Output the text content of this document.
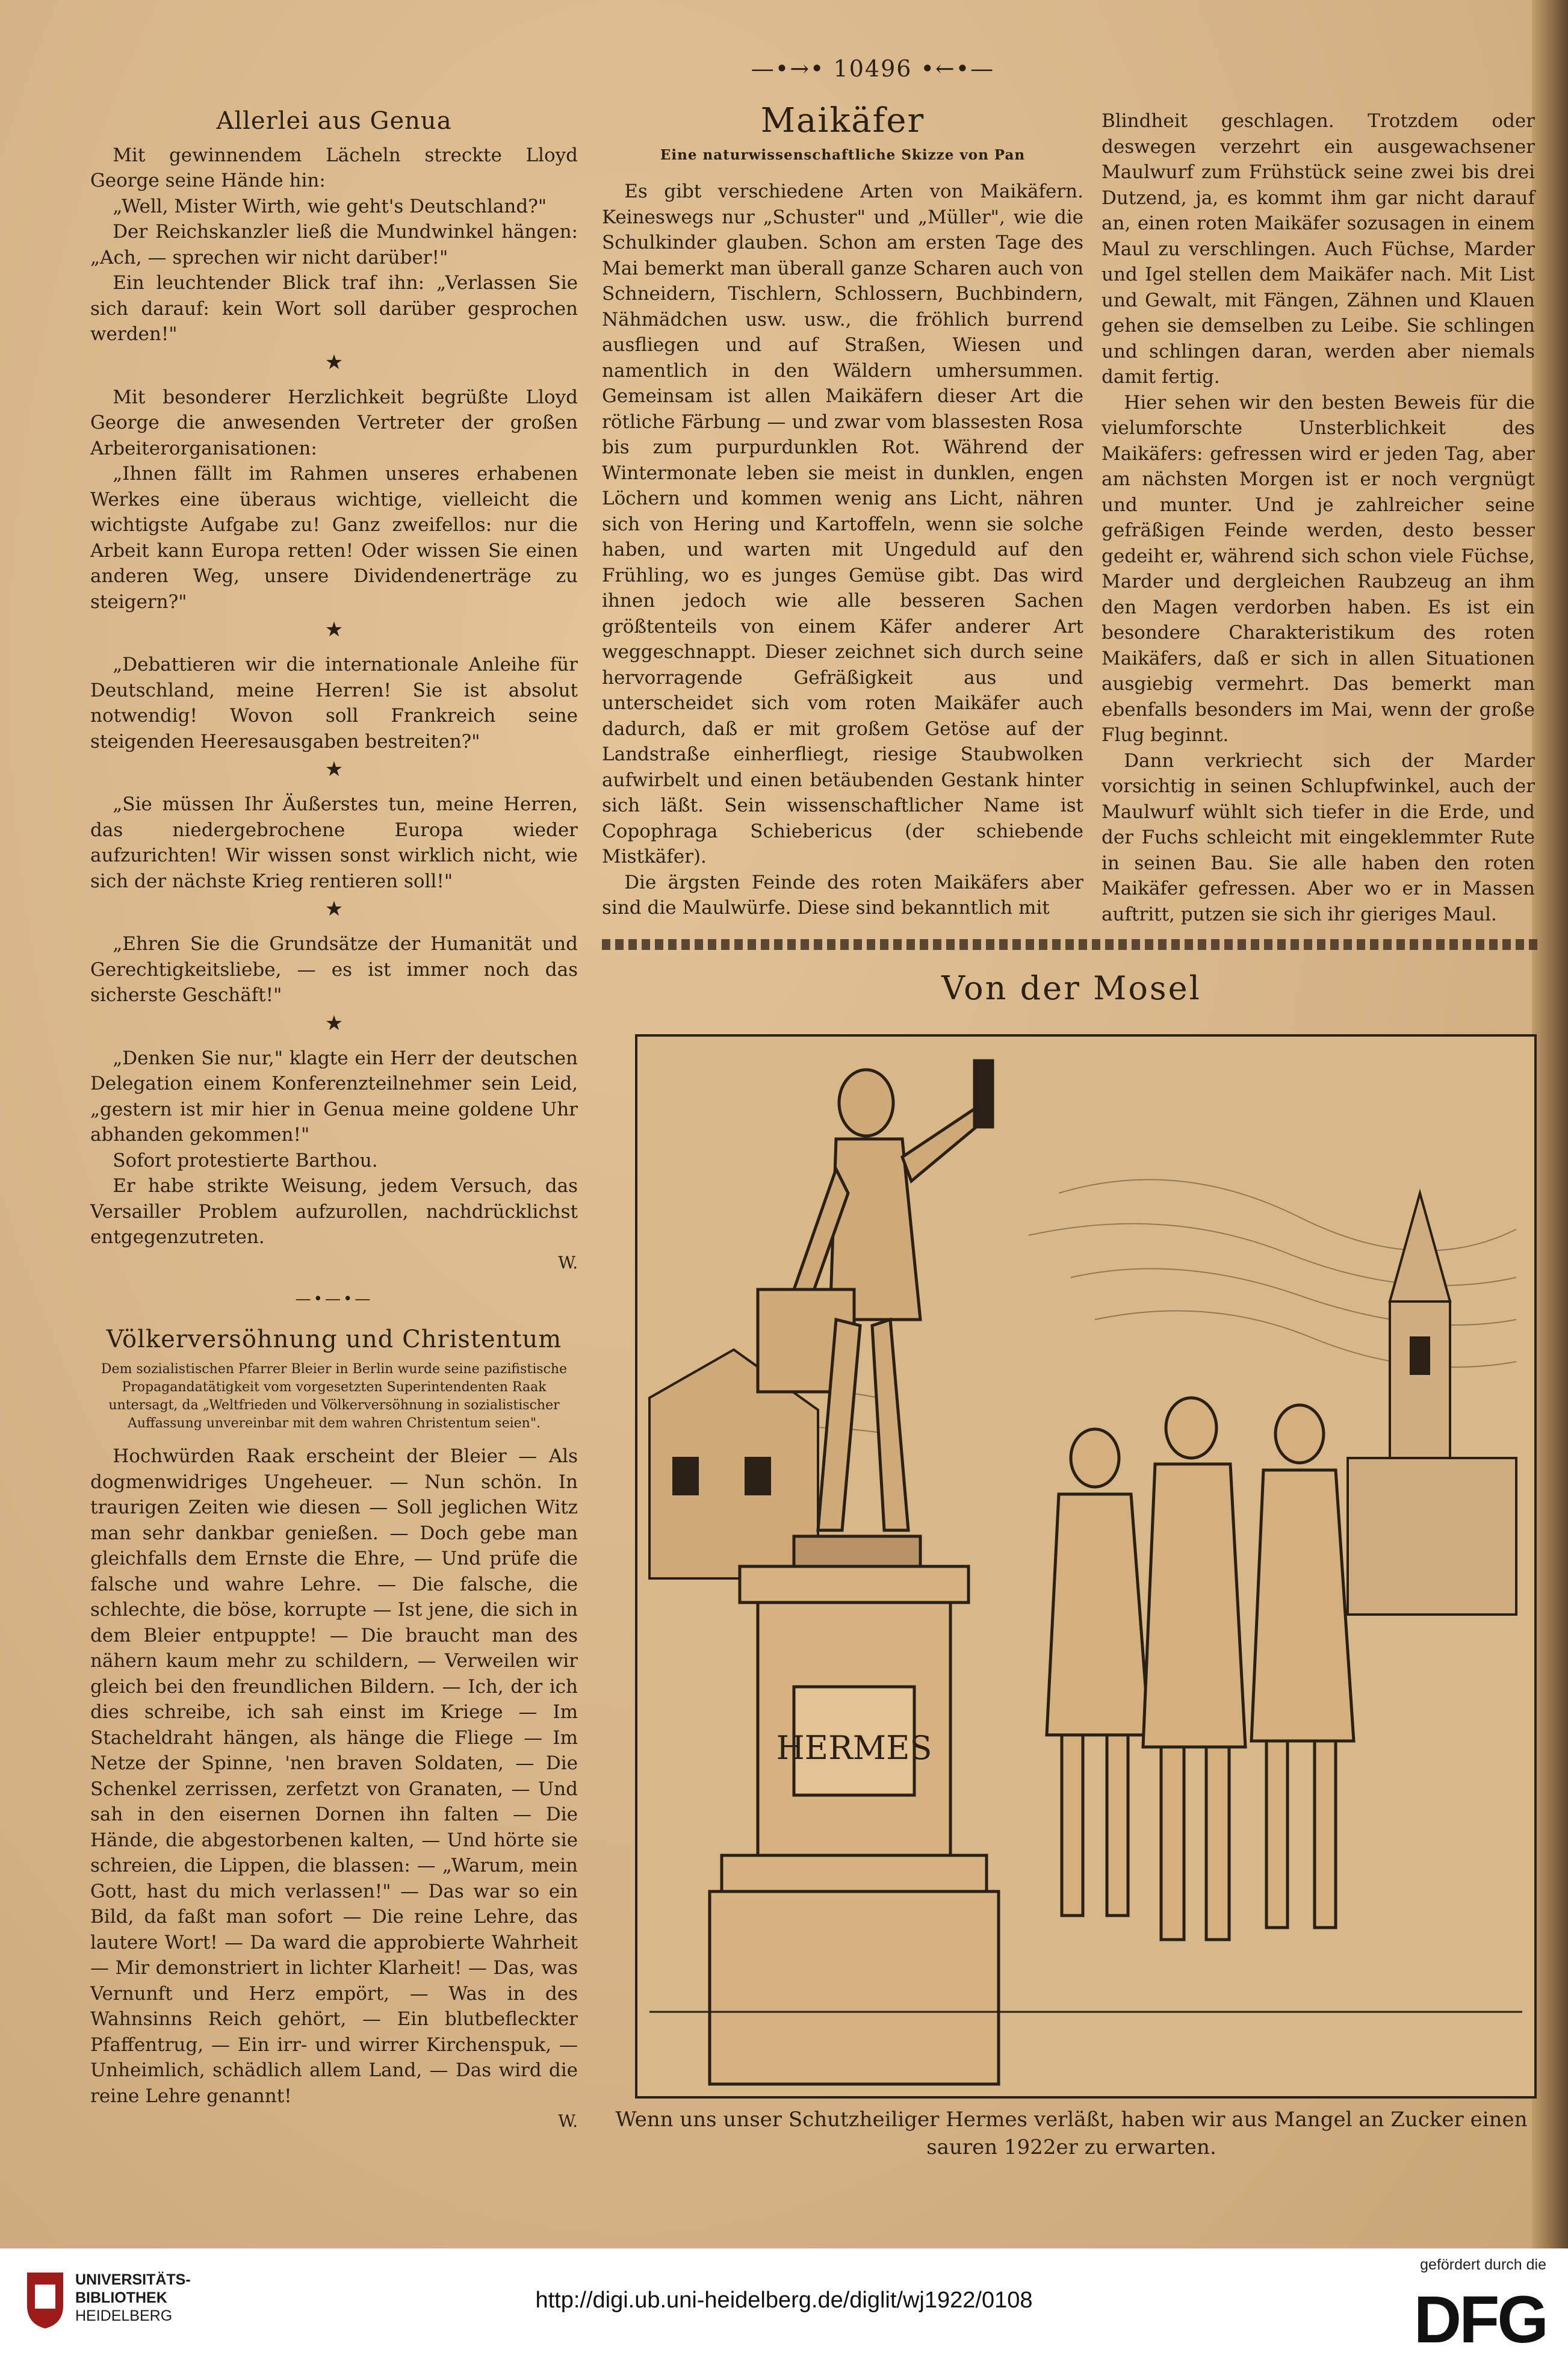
—•→• 10496 •←•—
Allerlei aus Genua

Mit gewinnendem Lächeln streckte Lloyd George seine Hände hin:

„Well, Mister Wirth, wie geht's Deutschland?"

Der Reichskanzler ließ die Mundwinkel hängen: „Ach, — sprechen wir nicht darüber!"

Ein leuchtender Blick traf ihn: „Verlassen Sie sich darauf: kein Wort soll darüber gesprochen werden!"

★

Mit besonderer Herzlichkeit begrüßte Lloyd George die anwesenden Vertreter der großen Arbeiterorganisationen:

„Ihnen fällt im Rahmen unseres erhabenen Werkes eine überaus wichtige, vielleicht die wichtigste Aufgabe zu! Ganz zweifellos: nur die Arbeit kann Europa retten! Oder wissen Sie einen anderen Weg, unsere Dividendenerträge zu steigern?"

★

„Debattieren wir die internationale Anleihe für Deutschland, meine Herren! Sie ist absolut notwendig! Wovon soll Frankreich seine steigenden Heeresausgaben bestreiten?"

★

„Sie müssen Ihr Äußerstes tun, meine Herren, das niedergebrochene Europa wieder aufzurichten! Wir wissen sonst wirklich nicht, wie sich der nächste Krieg rentieren soll!"

★

„Ehren Sie die Grundsätze der Humanität und Gerechtigkeitsliebe, — es ist immer noch das sicherste Geschäft!"

★

„Denken Sie nur," klagte ein Herr der deutschen Delegation einem Konferenzteilnehmer sein Leid, „gestern ist mir hier in Genua meine goldene Uhr abhanden gekommen!"

Sofort protestierte Barthou.

Er habe strikte Weisung, jedem Versuch, das Versailler Problem aufzurollen, nachdrücklichst entgegenzutreten.

W.
—•—•—
Völkerversöhnung und Christentum
Dem sozialistischen Pfarrer Bleier in Berlin wurde seine pazifistische Propagandatätigkeit vom vorgesetzten Superintendenten Raak untersagt, da „Weltfrieden und Völkerversöhnung in sozialistischer Auffassung unvereinbar mit dem wahren Christentum seien".

Hochwürden Raak erscheint der Bleier — Als dogmenwidriges Ungeheuer. — Nun schön. In traurigen Zeiten wie diesen — Soll jeglichen Witz man sehr dankbar genießen. — Doch gebe man gleichfalls dem Ernste die Ehre, — Und prüfe die falsche und wahre Lehre. — Die falsche, die schlechte, die böse, korrupte — Ist jene, die sich in dem Bleier entpuppte! — Die braucht man des nähern kaum mehr zu schildern, — Verweilen wir gleich bei den freundlichen Bildern. — Ich, der ich dies schreibe, ich sah einst im Kriege — Im Stacheldraht hängen, als hänge die Fliege — Im Netze der Spinne, 'nen braven Soldaten, — Die Schenkel zerrissen, zerfetzt von Granaten, — Und sah in den eisernen Dornen ihn falten — Die Hände, die abgestorbenen kalten, — Und hörte sie schreien, die Lippen, die blassen: — „Warum, mein Gott, hast du mich verlassen!" — Das war so ein Bild, da faßt man sofort — Die reine Lehre, das lautere Wort! — Da ward die approbierte Wahrheit — Mir demonstriert in lichter Klarheit! — Das, was Vernunft und Herz empört, — Was in des Wahnsinns Reich gehört, — Ein blutbefleckter Pfaffentrug, — Ein irr- und wirrer Kirchenspuk, — Unheimlich, schädlich allem Land, — Das wird die reine Lehre genannt!

W.
Maikäfer
Eine naturwissenschaftliche Skizze von Pan

Es gibt verschiedene Arten von Maikäfern. Keineswegs nur „Schuster" und „Müller", wie die Schulkinder glauben. Schon am ersten Tage des Mai bemerkt man überall ganze Scharen auch von Schneidern, Tischlern, Schlossern, Buchbindern, Nähmädchen usw. usw., die fröhlich burrend ausfliegen und auf Straßen, Wiesen und namentlich in den Wäldern umhersummen. Gemeinsam ist allen Maikäfern dieser Art die rötliche Färbung — und zwar vom blassesten Rosa bis zum purpurdunklen Rot. Während der Wintermonate leben sie meist in dunklen, engen Löchern und kommen wenig ans Licht, nähren sich von Hering und Kartoffeln, wenn sie solche haben, und warten mit Ungeduld auf den Frühling, wo es junges Gemüse gibt. Das wird ihnen jedoch wie alle besseren Sachen größtenteils von einem Käfer anderer Art weggeschnappt. Dieser zeichnet sich durch seine hervorragende Gefräßigkeit aus und unterscheidet sich vom roten Maikäfer auch dadurch, daß er mit großem Getöse auf der Landstraße einherfliegt, riesige Staubwolken aufwirbelt und einen betäubenden Gestank hinter sich läßt. Sein wissenschaftlicher Name ist Copophraga Schiebericus (der schiebende Mistkäfer).

Die ärgsten Feinde des roten Maikäfers aber sind die Maulwürfe. Diese sind bekanntlich mit

Blindheit geschlagen. Trotzdem oder deswegen verzehrt ein ausgewachsener Maulwurf zum Frühstück seine zwei bis drei Dutzend, ja, es kommt ihm gar nicht darauf an, einen roten Maikäfer sozusagen in einem Maul zu verschlingen. Auch Füchse, Marder und Igel stellen dem Maikäfer nach. Mit List und Gewalt, mit Fängen, Zähnen und Klauen gehen sie demselben zu Leibe. Sie schlingen und schlingen daran, werden aber niemals damit fertig.

Hier sehen wir den besten Beweis für die vielumforschte Unsterblichkeit des Maikäfers: gefressen wird er jeden Tag, aber am nächsten Morgen ist er noch vergnügt und munter. Und je zahlreicher seine gefräßigen Feinde werden, desto besser gedeiht er, während sich schon viele Füchse, Marder und dergleichen Raubzeug an ihm den Magen verdorben haben. Es ist ein besondere Charakteristikum des roten Maikäfers, daß er sich in allen Situationen ausgiebig vermehrt. Das bemerkt man ebenfalls besonders im Mai, wenn der große Flug beginnt.

Dann verkriecht sich der Marder vorsichtig in seinen Schlupfwinkel, auch der Maulwurf wühlt sich tiefer in die Erde, und der Fuchs schleicht mit eingeklemmter Rute in seinen Bau. Sie alle haben den roten Maikäfer gefressen. Aber wo er in Massen auftritt, putzen sie sich ihr gieriges Maul.

Von der Mosel
HERMES
Wenn uns unser Schutzheiliger Hermes verläßt, haben wir aus Mangel an Zucker einen sauren 1922er zu erwarten.
UNIVERSITÄTS-
BIBLIOTHEK
HEIDELBERG
http://digi.ub.uni-heidelberg.de/diglit/wj1922/0108
gefördert durch die
DFG
